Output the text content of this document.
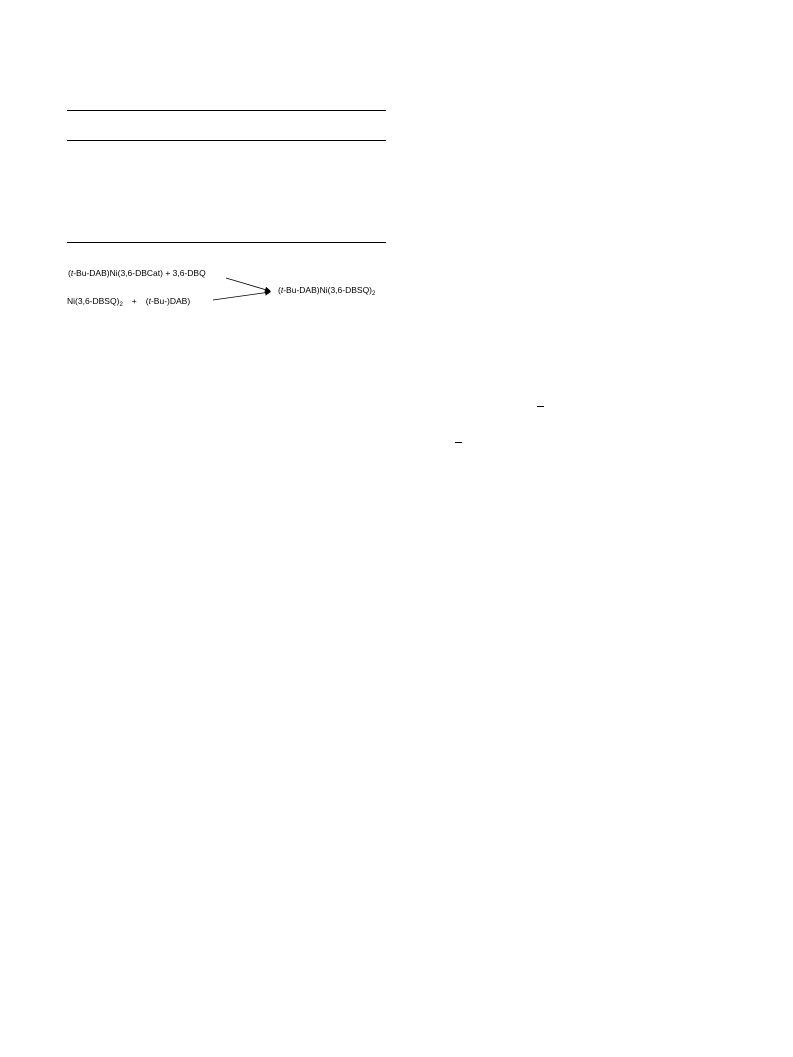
(t-Bu-DAB)Ni(3,6-DBCat) + 3,6-DBQ
$Ni(3,6-DBSQ)_2 + (t-Bu-)DAB$)
$(t-Bu-DAB)Ni(3,6-DBSQ)_2$
